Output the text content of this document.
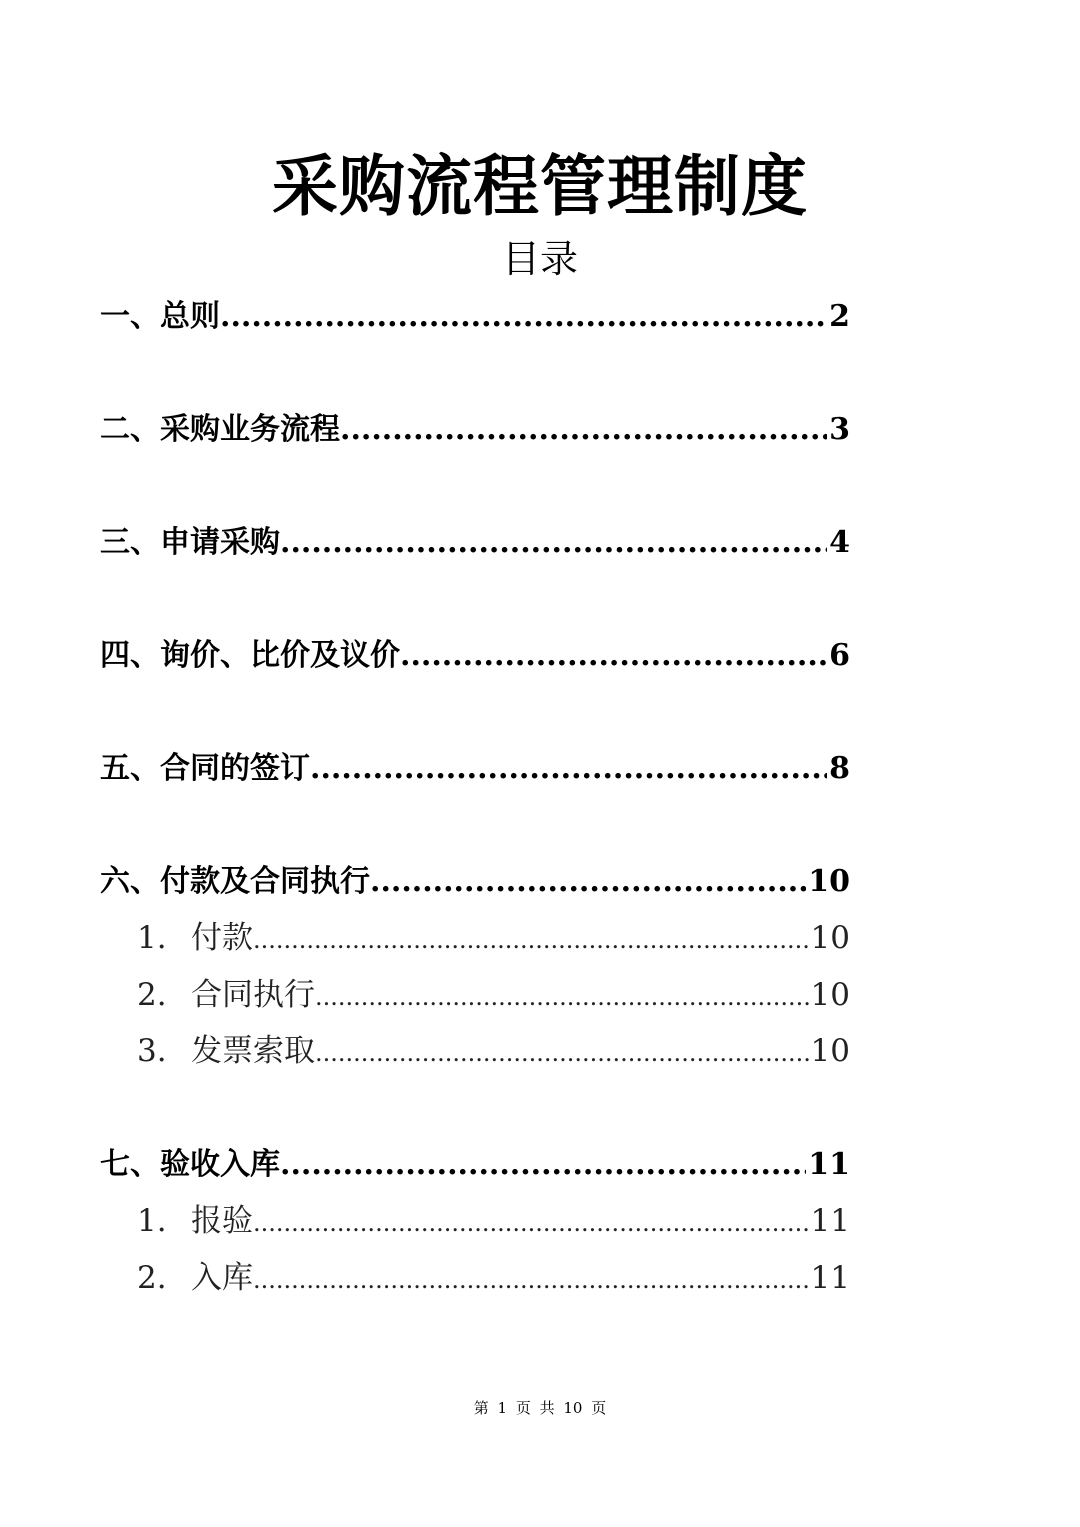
采购流程管理制度
目录
一、总则 .....	2
二、采购业务流程 .....	3
三、申请采购 .....	4
四、询价、比价及议价 .....	6
五、合同的签订 .....	8
六、付款及合同执行 .....	10
1. 付款 .....	10
2. 合同执行 .....	10
3. 发票索取 .....	10
七、验收入库 .....	11
1. 报验 .....	11
2. 入库 .....	11
第 1 页 共 10 页
